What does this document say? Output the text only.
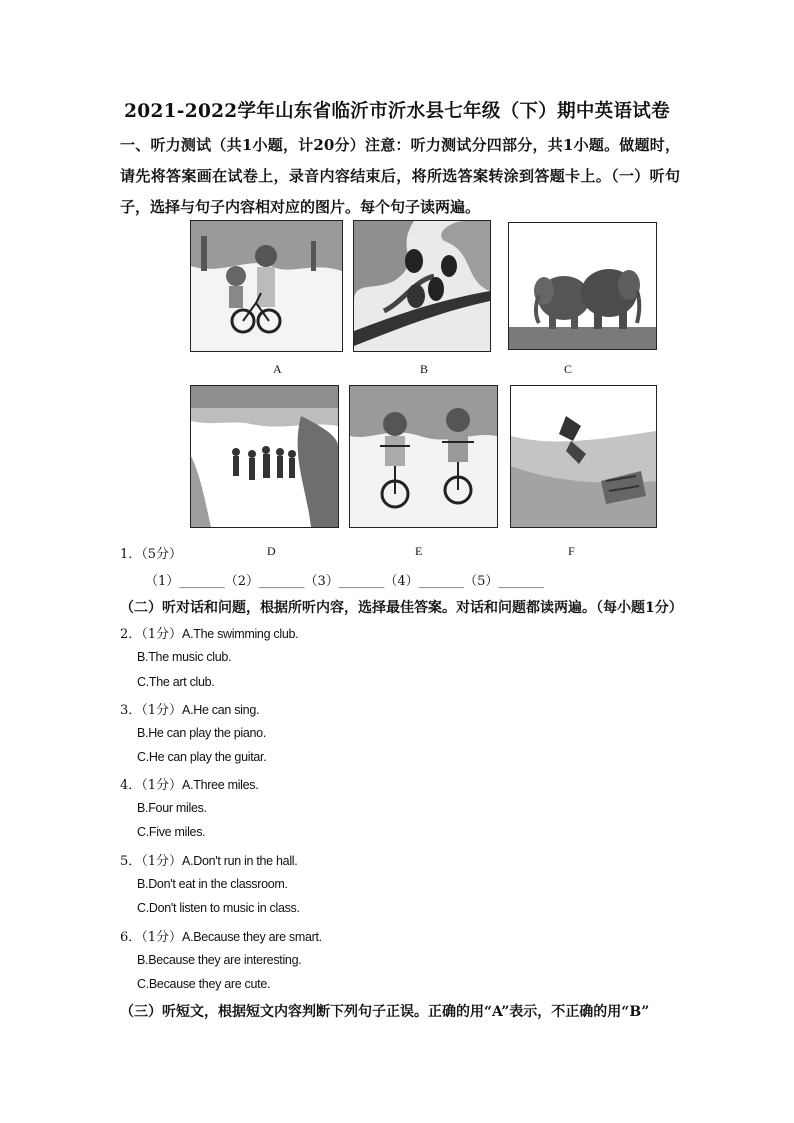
2021-2022学年山东省临沂市沂水县七年级（下）期中英语试卷
一、听力测试（共1小题，计20分）注意：听力测试分四部分，共1小题。做题时，请先将答案画在试卷上，录音内容结束后，将所选答案转涂到答题卡上。（一）听句子，选择与句子内容相对应的图片。每个句子读两遍。
A	B	C
1．（5分）	D	E	F
（1）_______（2）_______（3）_______（4）_______（5）_______
（二）听对话和问题，根据所听内容，选择最佳答案。对话和问题都读两遍。（每小题1分）
2．（1分）A.The swimming club.
B.The music club.
C.The art club.
3．（1分）A.He can sing.
B.He can play the piano.
C.He can play the guitar.
4．（1分）A.Three miles.
B.Four miles.
C.Five miles.
5．（1分）A.Don't run in the hall.
B.Don't eat in the classroom.
C.Don't listen to music in class.
6．（1分）A.Because they are smart.
B.Because they are interesting.
C.Because they are cute.
（三）听短文，根据短文内容判断下列句子正误。正确的用“A”表示，不正确的用“B”
